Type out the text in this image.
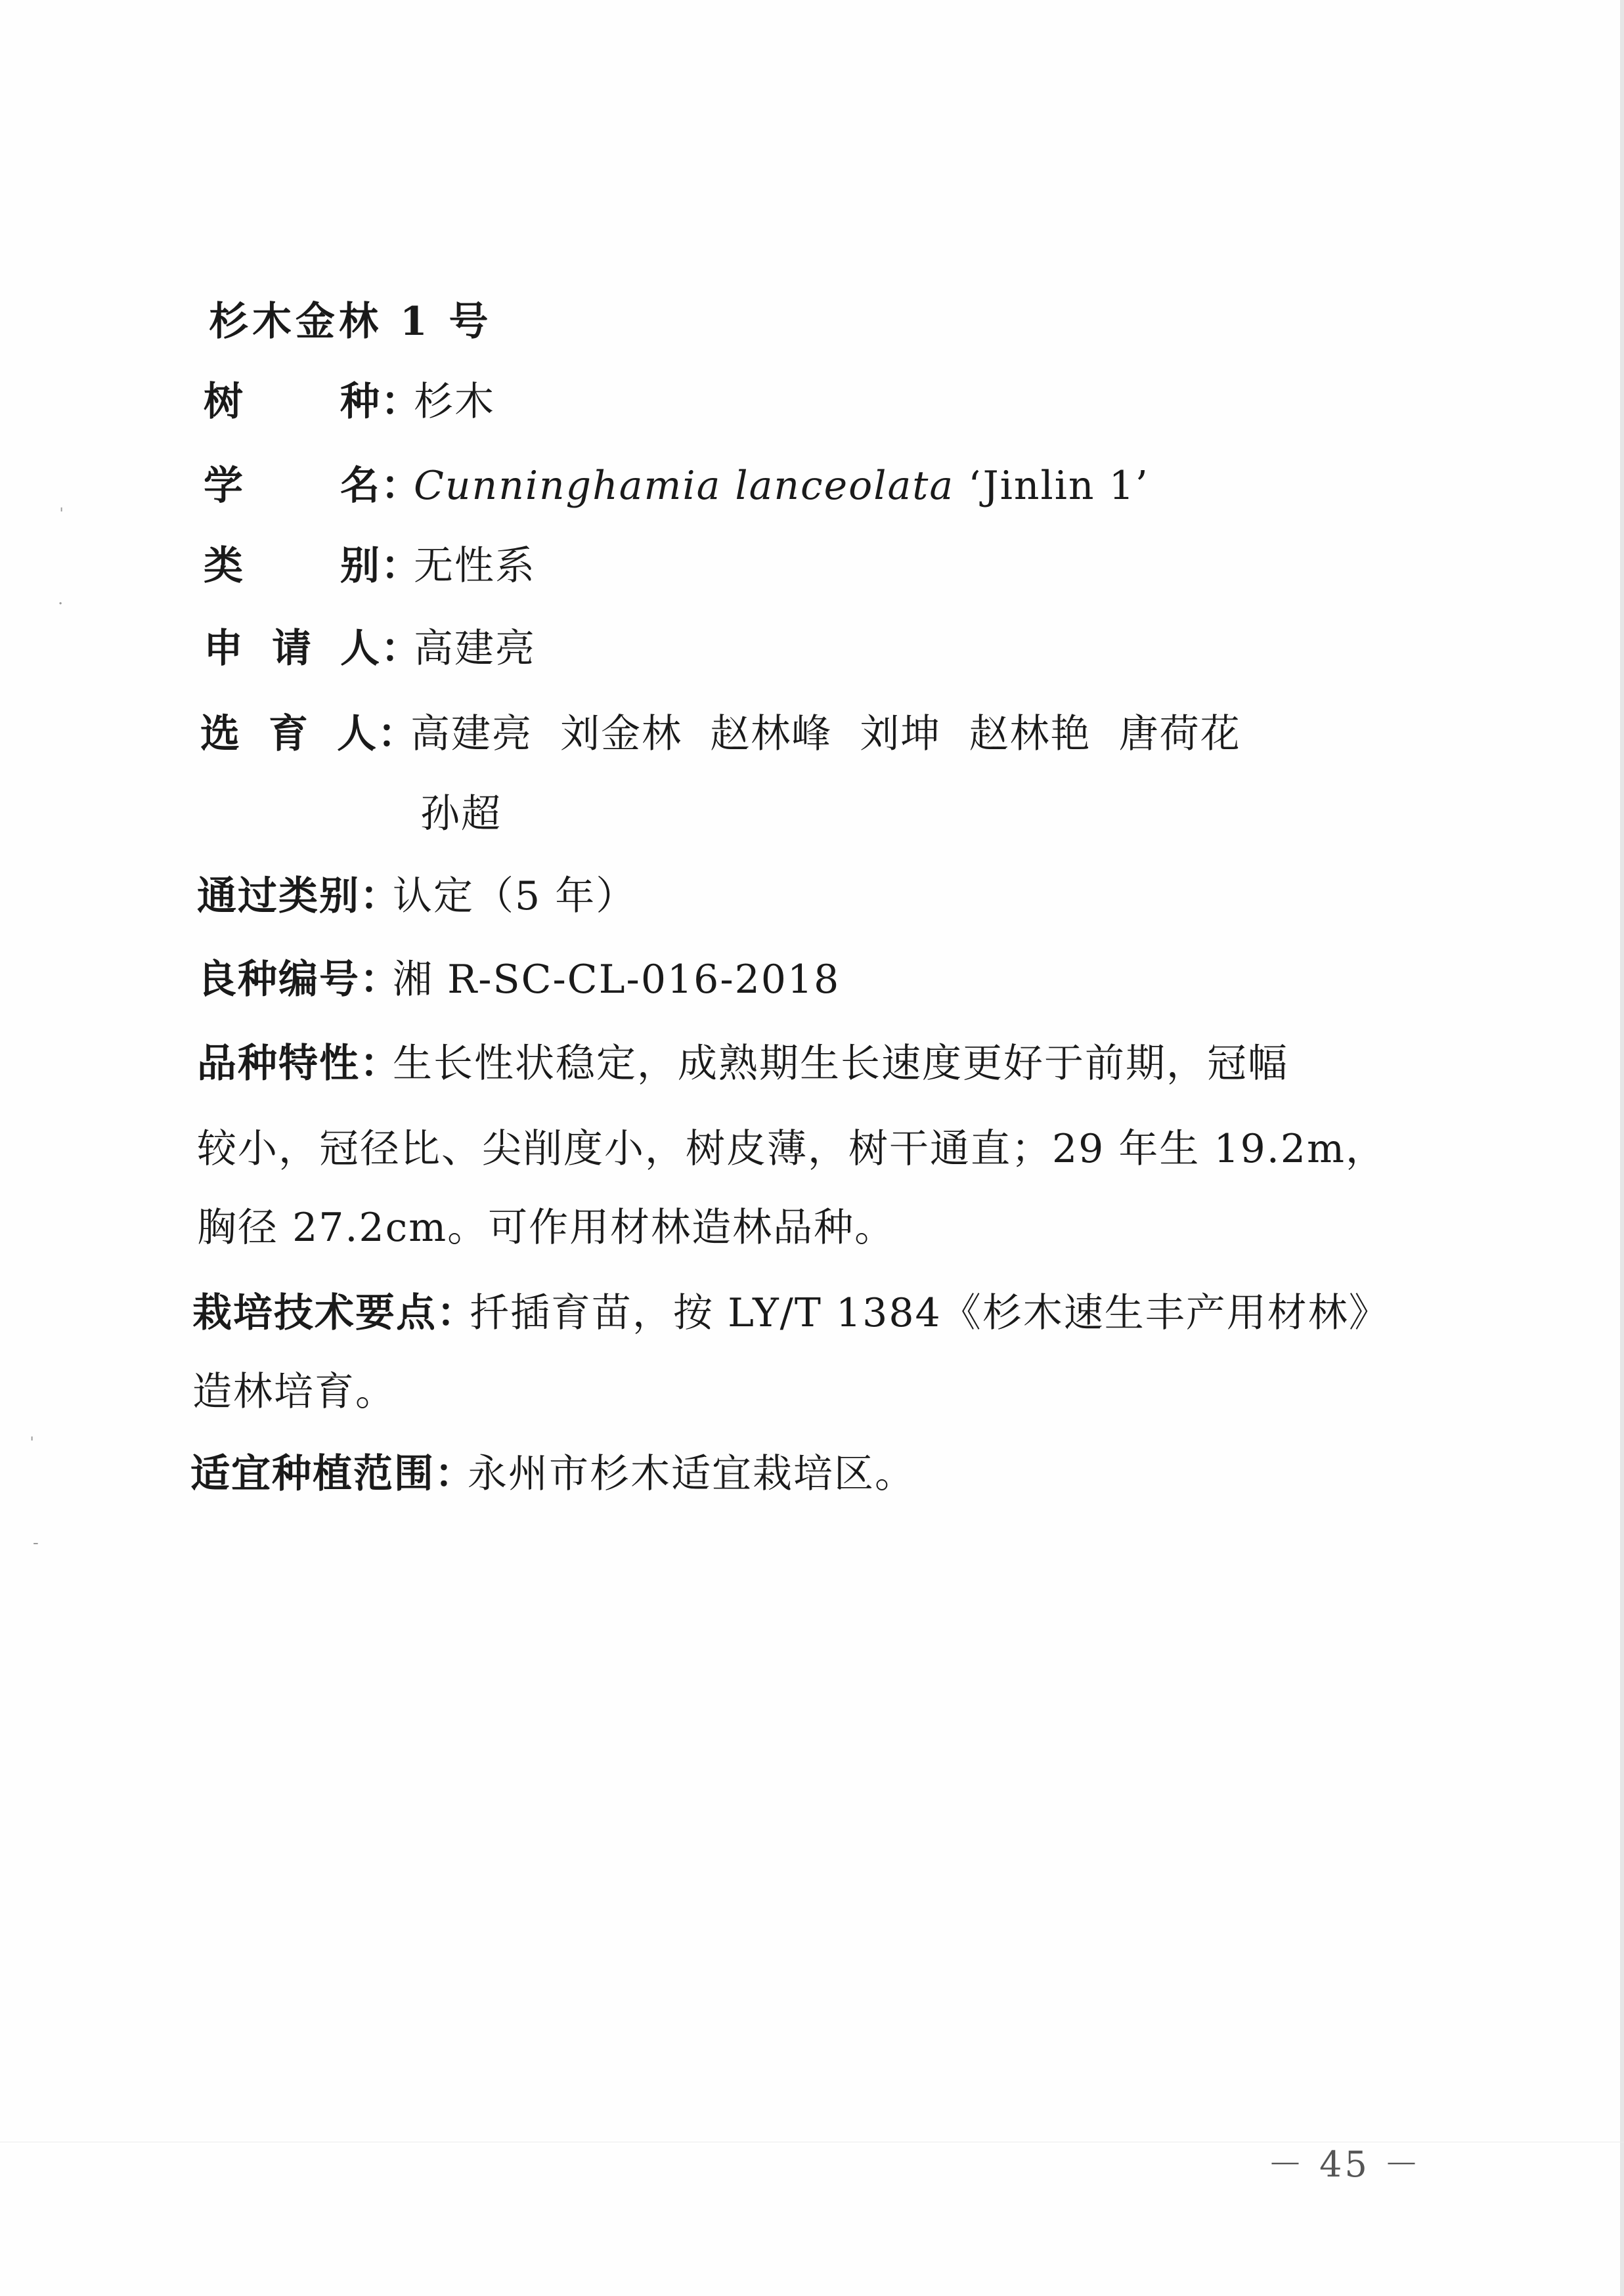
杉木金林 1 号
树 种：杉木
学 名：Cunninghamia lanceolata ‘Jinlin 1’
类 别：无性系
申 请 人：高建亮
选 育 人：高建亮  刘金林  赵林峰  刘坤  赵林艳  唐荷花
孙超
通过类别：认定（5 年）
良种编号：湘 R-SC-CL-016-2018
品种特性：生长性状稳定，成熟期生长速度更好于前期，冠幅
较小，冠径比、尖削度小，树皮薄，树干通直；29 年生 19.2m，
胸径 27.2cm。可作用材林造林品种。
栽培技术要点：扦插育苗，按 LY/T 1384《杉木速生丰产用材林》
造林培育。
适宜种植范围：永州市杉木适宜栽培区。
ˈ
·
ˈ
-
－ 45 －
